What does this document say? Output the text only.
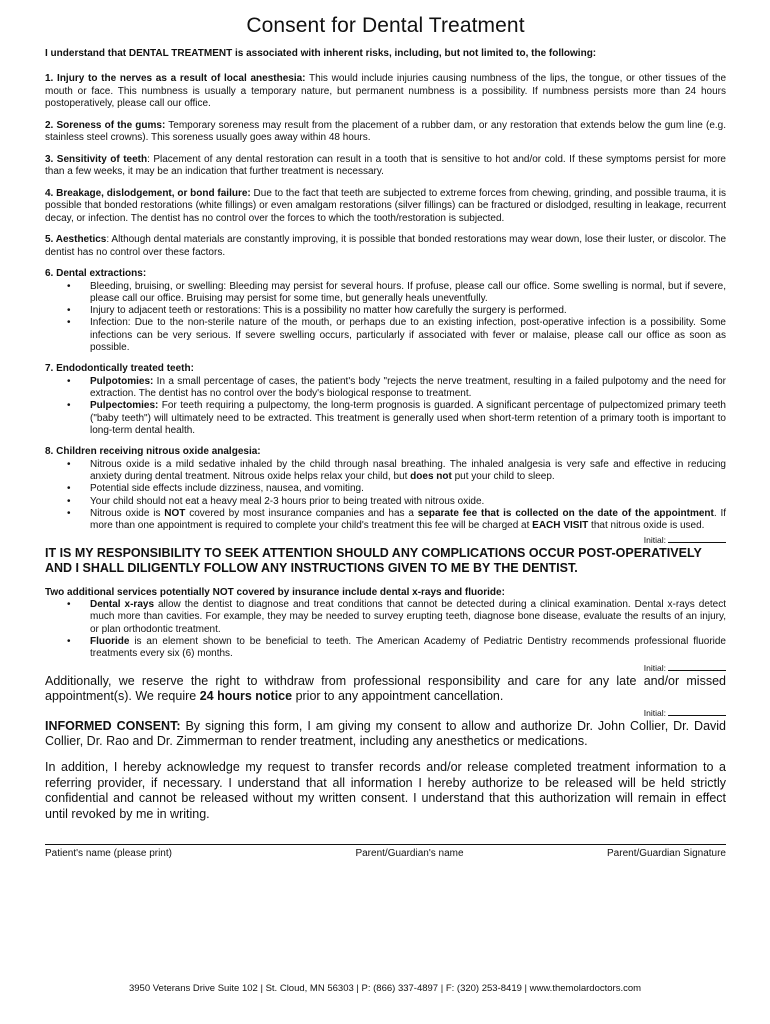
Consent for Dental Treatment
I understand that DENTAL TREATMENT is associated with inherent risks, including, but not limited to, the following:
1. Injury to the nerves as a result of local anesthesia: This would include injuries causing numbness of the lips, the tongue, or other tissues of the mouth or face. This numbness is usually a temporary nature, but permanent numbness is a possibility. If numbness persists more than 24 hours postoperatively, please call our office.
2. Soreness of the gums: Temporary soreness may result from the placement of a rubber dam, or any restoration that extends below the gum line (e.g. stainless steel crowns). This soreness usually goes away within 48 hours.
3. Sensitivity of teeth: Placement of any dental restoration can result in a tooth that is sensitive to hot and/or cold. If these symptoms persist for more than a few weeks, it may be an indication that further treatment is necessary.
4. Breakage, dislodgement, or bond failure: Due to the fact that teeth are subjected to extreme forces from chewing, grinding, and possible trauma, it is possible that bonded restorations (white fillings) or even amalgam restorations (silver fillings) can be fractured or dislodged, resulting in leakage, recurrent decay, or infection. The dentist has no control over the forces to which the tooth/restoration is subjected.
5. Aesthetics: Although dental materials are constantly improving, it is possible that bonded restorations may wear down, lose their luster, or discolor. The dentist has no control over these factors.
6. Dental extractions:
• Bleeding, bruising, or swelling: Bleeding may persist for several hours. If profuse, please call our office. Some swelling is normal, but if severe, please call our office. Bruising may persist for some time, but generally heals uneventfully.
• Injury to adjacent teeth or restorations: This is a possibility no matter how carefully the surgery is performed.
• Infection: Due to the non-sterile nature of the mouth, or perhaps due to an existing infection, post-operative infection is a possibility. Some infections can be very serious. If severe swelling occurs, particularly if associated with fever or malaise, please call our office as soon as possible.
7. Endodontically treated teeth:
• Pulpotomies: In a small percentage of cases, the patient's body "rejects the nerve treatment, resulting in a failed pulpotomy and the need for extraction. The dentist has no control over the body's biological response to treatment.
• Pulpectomies: For teeth requiring a pulpectomy, the long-term prognosis is guarded. A significant percentage of pulpectomized primary teeth ("baby teeth") will ultimately need to be extracted. This treatment is generally used when short-term retention of a primary tooth is important to long-term dental health.
8. Children receiving nitrous oxide analgesia:
• Nitrous oxide is a mild sedative inhaled by the child through nasal breathing. The inhaled analgesia is very safe and effective in reducing anxiety during dental treatment. Nitrous oxide helps relax your child, but does not put your child to sleep.
• Potential side effects include dizziness, nausea, and vomiting.
• Your child should not eat a heavy meal 2-3 hours prior to being treated with nitrous oxide.
• Nitrous oxide is NOT covered by most insurance companies and has a separate fee that is collected on the date of the appointment. If more than one appointment is required to complete your child's treatment this fee will be charged at EACH VISIT that nitrous oxide is used.
Initial:
IT IS MY RESPONSIBILITY TO SEEK ATTENTION SHOULD ANY COMPLICATIONS OCCUR POST-OPERATIVELY AND I SHALL DILIGENTLY FOLLOW ANY INSTRUCTIONS GIVEN TO ME BY THE DENTIST.
Two additional services potentially NOT covered by insurance include dental x-rays and fluoride:
• Dental x-rays allow the dentist to diagnose and treat conditions that cannot be detected during a clinical examination. Dental x-rays detect much more than cavities. For example, they may be needed to survey erupting teeth, diagnose bone disease, evaluate the results of an injury, or plan orthodontic treatment.
• Fluoride is an element shown to be beneficial to teeth. The American Academy of Pediatric Dentistry recommends professional fluoride treatments every six (6) months.
Initial:
Additionally, we reserve the right to withdraw from professional responsibility and care for any late and/or missed appointment(s). We require 24 hours notice prior to any appointment cancellation.
Initial:
INFORMED CONSENT: By signing this form, I am giving my consent to allow and authorize Dr. John Collier, Dr. David Collier, Dr. Rao and Dr. Zimmerman to render treatment, including any anesthetics or medications.
In addition, I hereby acknowledge my request to transfer records and/or release completed treatment information to a referring provider, if necessary. I understand that all information I hereby authorize to be released will be held strictly confidential and cannot be released without my written consent. I understand that this authorization will remain in effect until revoked by me in writing.
Patient's name (please print)	Parent/Guardian's name	Parent/Guardian Signature
3950 Veterans Drive Suite 102 | St. Cloud, MN 56303 | P: (866) 337-4897 | F: (320) 253-8419 | www.themolardoctors.com
